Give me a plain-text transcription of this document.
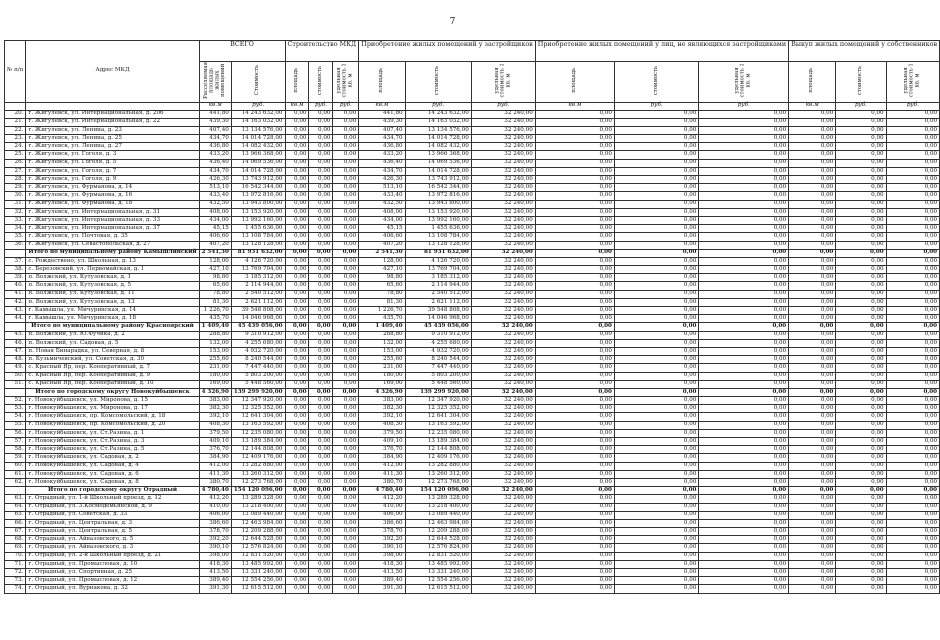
7
№ п/п	Адрес МКД	ВСЕГО		Строительство МКД			Приобретение жилых помещений у застройщиков			Приобретение жилых помещений у лиц, не являющихся застройщиками			Выкуп жилых помещений у собственников		
		Расселяемая площадь жилых помещений	Стоимость	площадь	стоимость	удельная стоимость 1 кв. м	площадь	стоимость	удельная стоимость 1 кв. м	площадь	стоимость	удельная стоимость 1 кв. м	площадь	стоимость	удельная стоимость 1 кв. м
		кв.м	руб.	кв.м	руб.	руб.	кв.м	руб.	руб.	кв.м	руб.	руб.	кв.м	руб.	руб.
20.	г. Жигулевск, ул. Интернациональная, д. 206	441,80	14 243 632,00	0,00	0,00	0,00	441,80	14 243 632,00	32 240,00	0,00	0,00	0,00	0,00	0,00	0,00
21.	г. Жигулевск, ул. Интернациональная, д. 22	439,30	14 163 032,00	0,00	0,00	0,00	439,30	14 163 032,00	32 240,00	0,00	0,00	0,00	0,00	0,00	0,00
22.	г. Жигулевск, ул. Ленина, д. 23	407,40	13 134 576,00	0,00	0,00	0,00	407,40	13 134 576,00	32 240,00	0,00	0,00	0,00	0,00	0,00	0,00
23.	г. Жигулевск, ул. Ленина, д. 25	434,70	14 014 728,00	0,00	0,00	0,00	434,70	14 014 728,00	32 240,00	0,00	0,00	0,00	0,00	0,00	0,00
24.	г. Жигулевск, ул. Ленина, д. 27	436,80	14 082 432,00	0,00	0,00	0,00	436,80	14 082 432,00	32 240,00	0,00	0,00	0,00	0,00	0,00	0,00
25.	г. Жигулевск, ул. Гоголя, д. 3	433,20	13 966 368,00	0,00	0,00	0,00	433,20	13 966 368,00	32 240,00	0,00	0,00	0,00	0,00	0,00	0,00
26.	г. Жигулевск, ул. Гоголя, д. 5	436,40	14 069 536,00	0,00	0,00	0,00	436,40	14 069 536,00	32 240,00	0,00	0,00	0,00	0,00	0,00	0,00
27.	г. Жигулевск, ул. Гоголя, д. 7	434,70	14 014 728,00	0,00	0,00	0,00	434,70	14 014 728,00	32 240,00	0,00	0,00	0,00	0,00	0,00	0,00
28.	г. Жигулевск, ул. Гоголя, д. 9	426,30	13 743 912,00	0,00	0,00	0,00	426,30	13 743 912,00	32 240,00	0,00	0,00	0,00	0,00	0,00	0,00
29.	г. Жигулевск, ул. Фурманова, д. 14	513,10	16 542 344,00	0,00	0,00	0,00	513,10	16 542 344,00	32 240,00	0,00	0,00	0,00	0,00	0,00	0,00
30.	г. Жигулевск, ул. Фурманова, д. 16	433,40	13 972 816,00	0,00	0,00	0,00	433,40	13 972 816,00	32 240,00	0,00	0,00	0,00	0,00	0,00	0,00
31.	г. Жигулевск, ул. Фурманова, д. 18	432,50	13 943 800,00	0,00	0,00	0,00	432,50	13 943 800,00	32 240,00	0,00	0,00	0,00	0,00	0,00	0,00
32.	г. Жигулевск, ул. Интернациональная, д. 31	408,00	13 153 920,00	0,00	0,00	0,00	408,00	13 153 920,00	32 240,00	0,00	0,00	0,00	0,00	0,00	0,00
33.	г. Жигулевск, ул. Интернациональная, д. 33	434,00	13 992 160,00	0,00	0,00	0,00	434,00	13 992 160,00	32 240,00	0,00	0,00	0,00	0,00	0,00	0,00
34.	г. Жигулевск, ул. Интернациональная, д. 37	45,15	1 455 636,00	0,00	0,00	0,00	45,15	1 455 636,00	32 240,00	0,00	0,00	0,00	0,00	0,00	0,00
35.	г. Жигулевск, ул. Почтовая, д. 35	406,60	13 108 784,00	0,00	0,00	0,00	406,60	13 108 784,00	32 240,00	0,00	0,00	0,00	0,00	0,00	0,00
36.	г. Жигулевск, ул. Севастопольская, д. 27	407,20	13 128 128,00	0,00	0,00	0,00	407,20	13 128 128,00	32 240,00	0,00	0,00	0,00	0,00	0,00	0,00
	Итого по муниципальному району Камышлинский	2 541,30	81 931 632,00	0,00	0,00	0,00	2 541,30	81 931 632,00	32 240,00	0,00	0,00	0,00	0,00	0,00	0,00
37.	с. Рождествено, ул. Школьная, д. 13	128,00	4 126 720,00	0,00	0,00	0,00	128,00	4 126 720,00	32 240,00	0,00	0,00	0,00	0,00	0,00	0,00
38.	с. Березовский, ул. Первомайская, д. 1	427,10	13 769 704,00	0,00	0,00	0,00	427,10	13 769 704,00	32 240,00	0,00	0,00	0,00	0,00	0,00	0,00
39.	п. Волжский, ул. Кутузовская, д. 1	98,80	3 185 312,00	0,00	0,00	0,00	98,80	3 185 312,00	32 240,00	0,00	0,00	0,00	0,00	0,00	0,00
40.	п. Волжский, ул. Кутузовская, д. 5	65,60	2 114 944,00	0,00	0,00	0,00	65,60	2 114 944,00	32 240,00	0,00	0,00	0,00	0,00	0,00	0,00
41.	п. Волжский, ул. Кутузовская, д. 11	78,80	2 540 512,00	0,00	0,00	0,00	78,80	2 540 512,00	32 240,00	0,00	0,00	0,00	0,00	0,00	0,00
42.	п. Волжский, ул. Кутузовская, д. 13	81,30	2 621 112,00	0,00	0,00	0,00	81,30	2 621 112,00	32 240,00	0,00	0,00	0,00	0,00	0,00	0,00
43.	г. Камышла, ул. Мичуринская, д. 14	1 226,70	39 548 808,00	0,00	0,00	0,00	1 226,70	39 548 808,00	32 240,00	0,00	0,00	0,00	0,00	0,00	0,00
44.	г. Камышла, ул. Мичуринская, д. 18	435,70	14 046 968,00	0,00	0,00	0,00	435,70	14 046 968,00	32 240,00	0,00	0,00	0,00	0,00	0,00	0,00
	Итого по муниципальному району Красноярский	1 409,40	45 439 056,00	0,00	0,00	0,00	1 409,40	45 439 056,00	32 240,00	0,00	0,00	0,00	0,00	0,00	0,00
45.	п. Волжский, ул. Ю.Фучика, д. 2	288,80	9 310 912,00	0,00	0,00	0,00	288,80	9 310 912,00	32 240,00	0,00	0,00	0,00	0,00	0,00	0,00
46.	п. Волжский, ул. Садовая, д. 5	132,00	4 255 680,00	0,00	0,00	0,00	132,00	4 255 680,00	32 240,00	0,00	0,00	0,00	0,00	0,00	0,00
47.	п. Новая Бинарадка, ул. Северная, д. 8	153,00	4 932 720,00	0,00	0,00	0,00	153,00	4 932 720,00	32 240,00	0,00	0,00	0,00	0,00	0,00	0,00
48.	п. Кузьмичевский, ул. Советская, д. 30	255,60	8 240 544,00	0,00	0,00	0,00	255,60	8 240 544,00	32 240,00	0,00	0,00	0,00	0,00	0,00	0,00
49.	с. Красный Яр, пер. Кооперативный, д. 7	231,00	7 447 440,00	0,00	0,00	0,00	231,00	7 447 440,00	32 240,00	0,00	0,00	0,00	0,00	0,00	0,00
50.	с. Красный Яр, пер. Кооперативный, д. 9	180,00	5 803 200,00	0,00	0,00	0,00	180,00	5 803 200,00	32 240,00	0,00	0,00	0,00	0,00	0,00	0,00
51.	с. Красный Яр, пер. Кооперативный, д. 10	169,00	5 448 560,00	0,00	0,00	0,00	169,00	5 448 560,00	32 240,00	0,00	0,00	0,00	0,00	0,00	0,00
	Итого по городскому округу Новокуйбышевск	4 326,90	139 299 920,00	0,00	0,00	0,00	4 326,90	139 299 920,00	32 240,00	0,00	0,00	0,00	0,00	0,00	0,00
52.	г. Новокуйбышевск, ул. Миронова, д. 15	383,00	12 347 920,00	0,00	0,00	0,00	383,00	12 347 920,00	32 240,00	0,00	0,00	0,00	0,00	0,00	0,00
53.	г. Новокуйбышевск, ул. Миронова, д. 17	382,30	12 325 352,00	0,00	0,00	0,00	382,30	12 325 352,00	32 240,00	0,00	0,00	0,00	0,00	0,00	0,00
54.	г. Новокуйбышевск, пр. Комсомольский, д. 18	392,10	12 641 304,00	0,00	0,00	0,00	392,10	12 641 304,00	32 240,00	0,00	0,00	0,00	0,00	0,00	0,00
55.	г. Новокуйбышевск, пр. Комсомольский, д. 20	408,30	13 163 592,00	0,00	0,00	0,00	408,30	13 163 592,00	32 240,00	0,00	0,00	0,00	0,00	0,00	0,00
56.	г. Новокуйбышевск, ул. Ст.Разина, д. 1	379,50	12 235 080,00	0,00	0,00	0,00	379,50	12 235 080,00	32 240,00	0,00	0,00	0,00	0,00	0,00	0,00
57.	г. Новокуйбышевск, ул. Ст.Разина, д. 3	409,10	13 189 384,00	0,00	0,00	0,00	409,10	13 189 384,00	32 240,00	0,00	0,00	0,00	0,00	0,00	0,00
58.	г. Новокуйбышевск, ул. Ст.Разина, д. 5	376,70	12 144 808,00	0,00	0,00	0,00	376,70	12 144 808,00	32 240,00	0,00	0,00	0,00	0,00	0,00	0,00
59.	г. Новокуйбышевск, ул. Садовая, д. 2	384,90	12 409 176,00	0,00	0,00	0,00	384,90	12 409 176,00	32 240,00	0,00	0,00	0,00	0,00	0,00	0,00
60.	г. Новокуйбышевск, ул. Садовая, д. 4	412,00	13 282 880,00	0,00	0,00	0,00	412,00	13 282 880,00	32 240,00	0,00	0,00	0,00	0,00	0,00	0,00
61.	г. Новокуйбышевск, ул. Садовая, д. 6	411,30	13 260 312,00	0,00	0,00	0,00	411,30	13 260 312,00	32 240,00	0,00	0,00	0,00	0,00	0,00	0,00
62.	г. Новокуйбышевск, ул. Садовая, д. 8	380,70	12 273 768,00	0,00	0,00	0,00	380,70	12 273 768,00	32 240,00	0,00	0,00	0,00	0,00	0,00	0,00
	Итого по городскому округу Отрадный	4 780,40	154 120 096,00	0,00	0,00	0,00	4 780,40	154 120 096,00	32 240,00	0,00	0,00	0,00	0,00	0,00	0,00
63.	г. Отрадный, ул. 1-й Школьный проезд, д. 12	412,20	13 289 328,00	0,00	0,00	0,00	412,20	13 289 328,00	32 240,00	0,00	0,00	0,00	0,00	0,00	0,00
64.	г. Отрадный, ул. 3.Космодемьянской, д. 9	410,00	13 218 400,00	0,00	0,00	0,00	410,00	13 218 400,00	32 240,00	0,00	0,00	0,00	0,00	0,00	0,00
65.	г. Отрадный, ул. Советская, д. 33	406,00	13 089 440,00	0,00	0,00	0,00	406,00	13 089 440,00	32 240,00	0,00	0,00	0,00	0,00	0,00	0,00
66.	г. Отрадный, ул. Центральная, д. 3	386,60	12 463 984,00	0,00	0,00	0,00	386,60	12 463 984,00	32 240,00	0,00	0,00	0,00	0,00	0,00	0,00
67.	г. Отрадный, ул. Центральная, д. 5	378,70	12 209 288,00	0,00	0,00	0,00	378,70	12 209 288,00	32 240,00	0,00	0,00	0,00	0,00	0,00	0,00
68.	г. Отрадный, ул. Айвазовского, д. 5	392,20	12 644 528,00	0,00	0,00	0,00	392,20	12 644 528,00	32 240,00	0,00	0,00	0,00	0,00	0,00	0,00
69.	г. Отрадный, ул. Айвазовского, д. 3	390,10	12 576 824,00	0,00	0,00	0,00	390,10	12 576 824,00	32 240,00	0,00	0,00	0,00	0,00	0,00	0,00
70.	г. Отрадный, ул. 2-й Школьный проезд, д. 21	398,00	12 831 520,00	0,00	0,00	0,00	398,00	12 831 520,00	32 240,00	0,00	0,00	0,00	0,00	0,00	0,00
71.	г. Отрадный, ул. Промысловая, д. 10	418,30	13 485 992,00	0,00	0,00	0,00	418,30	13 485 992,00	32 240,00	0,00	0,00	0,00	0,00	0,00	0,00
72.	г. Отрадный, ул. Спортивная, д. 25	413,50	13 331 240,00	0,00	0,00	0,00	413,50	13 331 240,00	32 240,00	0,00	0,00	0,00	0,00	0,00	0,00
73.	г. Отрадный, ул. Промысловая, д. 12	389,40	12 554 256,00	0,00	0,00	0,00	389,40	12 554 256,00	32 240,00	0,00	0,00	0,00	0,00	0,00	0,00
74.	г. Отрадный, ул. Вурнакова, д. 32	391,30	12 615 512,00	0,00	0,00	0,00	391,30	12 615 512,00	32 240,00	0,00	0,00	0,00	0,00	0,00	0,00
